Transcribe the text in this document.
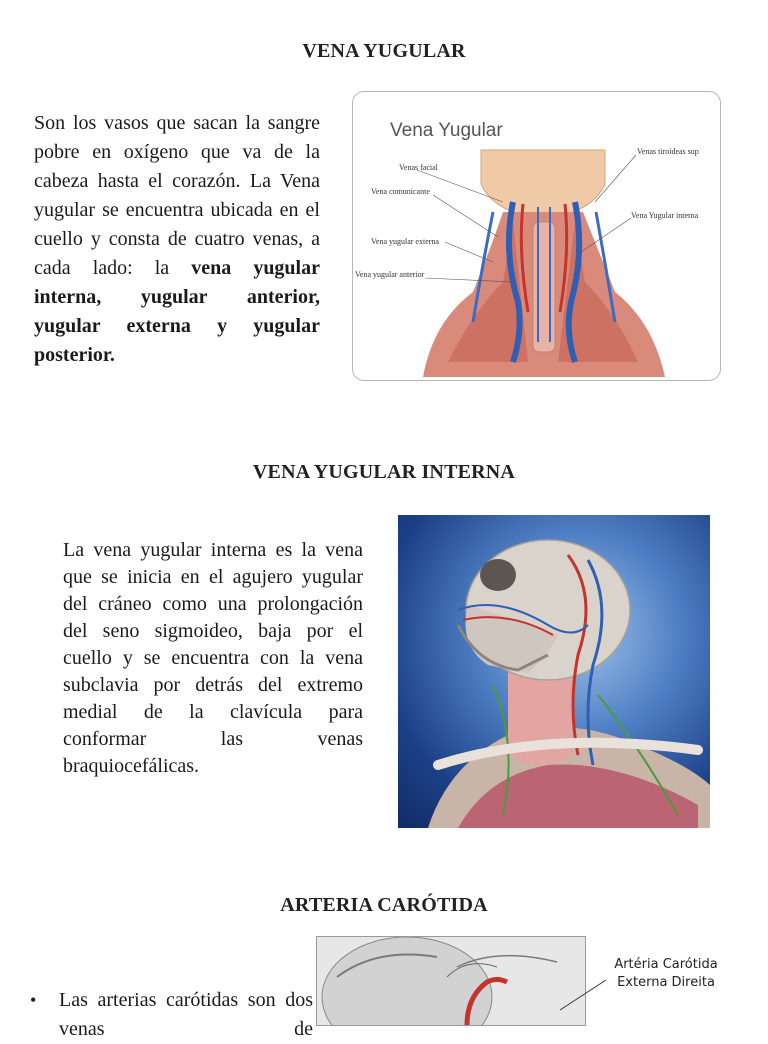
VENA YUGULAR
Son los vasos que sacan la sangre pobre en oxígeno que va de la cabeza hasta el corazón. La Vena yugular se encuentra ubicada en el cuello y consta de cuatro venas, a cada lado: la vena yugular interna, yugular anterior, yugular externa y yugular posterior.
Vena Yugular
Venas facial
Vena comunicante
Vena yugular externa
Vena yugular anterior
Venas tiroideas sup
Vena Yugular interna
VENA YUGULAR INTERNA
La vena yugular interna es la vena que se inicia en el agujero yugular del cráneo como una prolongación del seno sigmoideo, baja por el cuello y se encuentra con la vena subclavia por detrás del extremo medial de la clavícula para conformar las venas braquiocefálicas.
ARTERIA CARÓTIDA
• Las arterias carótidas son dos venas de
Artéria Carótida
Externa Direita
